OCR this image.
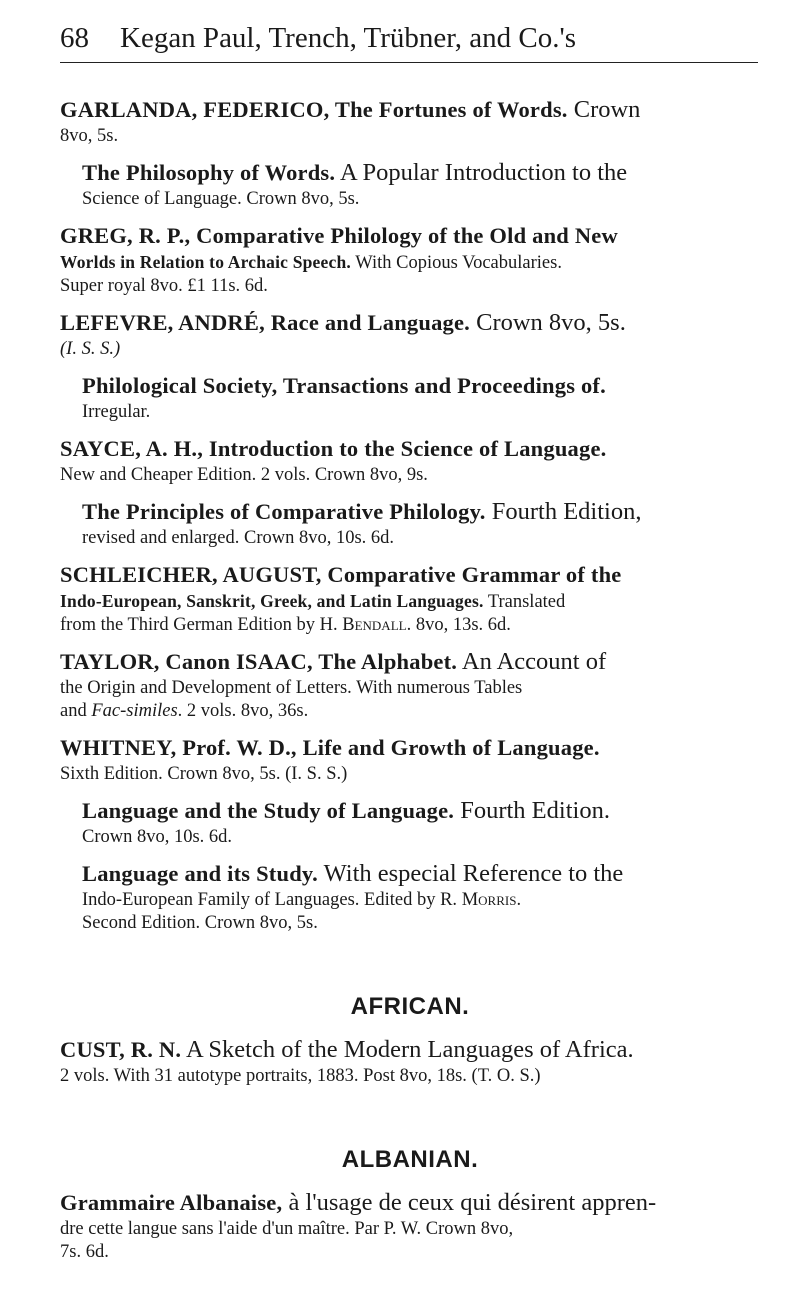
68 Kegan Paul, Trench, Trübner, and Co.'s

GARLANDA, FEDERICO, The Fortunes of Words. Crown

8vo, 5s.

The Philosophy of Words. A Popular Introduction to the

Science of Language. Crown 8vo, 5s.

GREG, R. P., Comparative Philology of the Old and New

Worlds in Relation to Archaic Speech. With Copious Vocabularies.

Super royal 8vo. £1 11s. 6d.

LEFEVRE, ANDRÉ, Race and Language. Crown 8vo, 5s.

(I. S. S.)

Philological Society, Transactions and Proceedings of.

Irregular.

SAYCE, A. H., Introduction to the Science of Language.

New and Cheaper Edition. 2 vols. Crown 8vo, 9s.

The Principles of Comparative Philology. Fourth Edition,

revised and enlarged. Crown 8vo, 10s. 6d.

SCHLEICHER, AUGUST, Comparative Grammar of the

Indo-European, Sanskrit, Greek, and Latin Languages. Translated

from the Third German Edition by H. Bendall. 8vo, 13s. 6d.

TAYLOR, Canon ISAAC, The Alphabet. An Account of

the Origin and Development of Letters. With numerous Tables

and Fac-similes. 2 vols. 8vo, 36s.

WHITNEY, Prof. W. D., Life and Growth of Language.

Sixth Edition. Crown 8vo, 5s. (I. S. S.)

Language and the Study of Language. Fourth Edition.

Crown 8vo, 10s. 6d.

Language and its Study. With especial Reference to the

Indo-European Family of Languages. Edited by R. Morris.

Second Edition. Crown 8vo, 5s.

AFRICAN.

CUST, R. N. A Sketch of the Modern Languages of Africa.

2 vols. With 31 autotype portraits, 1883. Post 8vo, 18s. (T. O. S.)

ALBANIAN.

Grammaire Albanaise, à l'usage de ceux qui désirent appren-

dre cette langue sans l'aide d'un maître. Par P. W. Crown 8vo,

7s. 6d.
